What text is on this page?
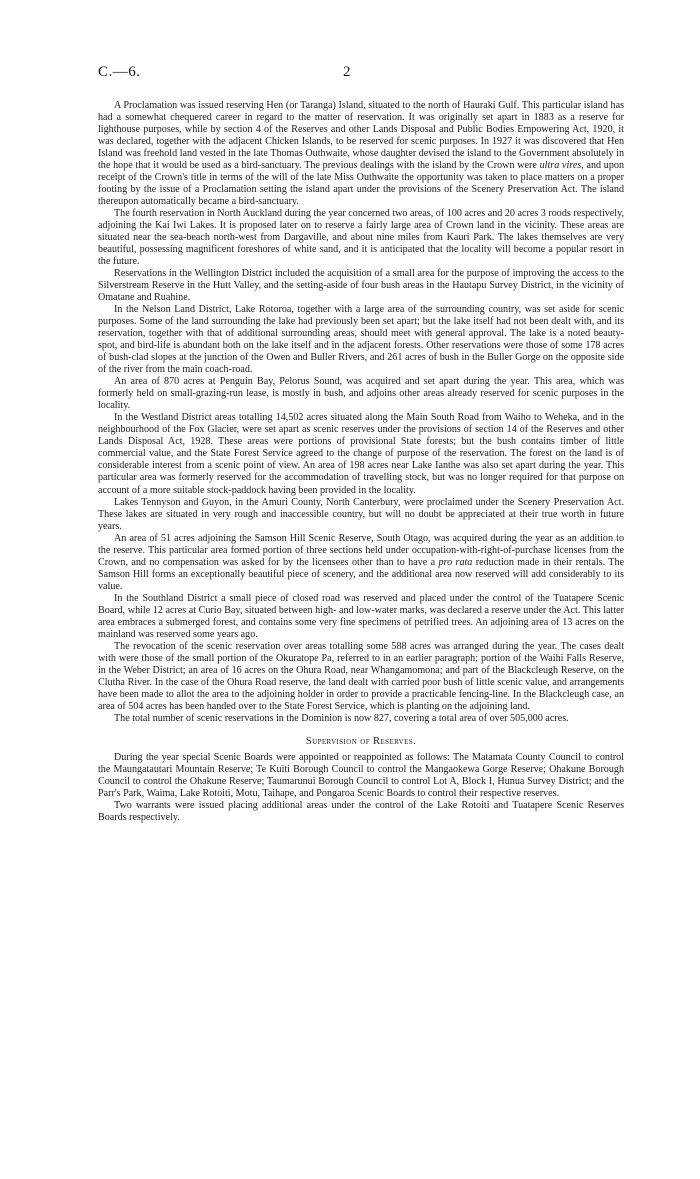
C.—6.	2

A Proclamation was issued reserving Hen (or Taranga) Island, situated to the north of Hauraki Gulf. This particular island has had a somewhat chequered career in regard to the matter of reservation. It was originally set apart in 1883 as a reserve for lighthouse purposes, while by section 4 of the Reserves and other Lands Disposal and Public Bodies Empowering Act, 1920, it was declared, together with the adjacent Chicken Islands, to be reserved for scenic purposes. In 1927 it was discovered that Hen Island was freehold land vested in the late Thomas Outhwaite, whose daughter devised the island to the Government absolutely in the hope that it would be used as a bird-sanctuary. The previous dealings with the island by the Crown were ultra vires, and upon receipt of the Crown's title in terms of the will of the late Miss Outhwaite the opportunity was taken to place matters on a proper footing by the issue of a Proclamation setting the island apart under the provisions of the Scenery Preservation Act. The island thereupon automatically became a bird-sanctuary.

The fourth reservation in North Auckland during the year concerned two areas, of 100 acres and 20 acres 3 roods respectively, adjoining the Kai Iwi Lakes. It is proposed later on to reserve a fairly large area of Crown land in the vicinity. These areas are situated near the sea-beach north-west from Dargaville, and about nine miles from Kauri Park. The lakes themselves are very beautiful, possessing magnificent foreshores of white sand, and it is anticipated that the locality will become a popular resort in the future.

Reservations in the Wellington District included the acquisition of a small area for the purpose of improving the access to the Silverstream Reserve in the Hutt Valley, and the setting-aside of four bush areas in the Hautapu Survey District, in the vicinity of Omatane and Ruahine.

In the Nelson Land District, Lake Rotoroa, together with a large area of the surrounding country, was set aside for scenic purposes. Some of the land surrounding the lake had previously been set apart; but the lake itself had not been dealt with, and its reservation, together with that of additional surrounding areas, should meet with general approval. The lake is a noted beauty-spot, and bird-life is abundant both on the lake itself and in the adjacent forests. Other reservations were those of some 178 acres of bush-clad slopes at the junction of the Owen and Buller Rivers, and 261 acres of bush in the Buller Gorge on the opposite side of the river from the main coach-road.

An area of 870 acres at Penguin Bay, Pelorus Sound, was acquired and set apart during the year. This area, which was formerly held on small-grazing-run lease, is mostly in bush, and adjoins other areas already reserved for scenic purposes in the locality.

In the Westland District areas totalling 14,502 acres situated along the Main South Road from Waiho to Weheka, and in the neighbourhood of the Fox Glacier, were set apart as scenic reserves under the provisions of section 14 of the Reserves and other Lands Disposal Act, 1928. These areas were portions of provisional State forests; but the bush contains timber of little commercial value, and the State Forest Service agreed to the change of purpose of the reservation. The forest on the land is of considerable interest from a scenic point of view. An area of 198 acres near Lake Ianthe was also set apart during the year. This particular area was formerly reserved for the accommodation of travelling stock, but was no longer required for that purpose on account of a more suitable stock-paddock having been provided in the locality.

Lakes Tennyson and Guyon, in the Amuri County, North Canterbury, were proclaimed under the Scenery Preservation Act. These lakes are situated in very rough and inaccessible country, but will no doubt be appreciated at their true worth in future years.

An area of 51 acres adjoining the Samson Hill Scenic Reserve, South Otago, was acquired during the year as an addition to the reserve. This particular area formed portion of three sections held under occupation-with-right-of-purchase licenses from the Crown, and no compensation was asked for by the licensees other than to have a pro rata reduction made in their rentals. The Samson Hill forms an exceptionally beautiful piece of scenery, and the additional area now reserved will add considerably to its value.

In the Southland District a small piece of closed road was reserved and placed under the control of the Tuatapere Scenic Board, while 12 acres at Curio Bay, situated between high- and low-water marks, was declared a reserve under the Act. This latter area embraces a submerged forest, and contains some very fine specimens of petrified trees. An adjoining area of 13 acres on the mainland was reserved some years ago.

The revocation of the scenic reservation over areas totalling some 588 acres was arranged during the year. The cases dealt with were those of the small portion of the Okuratope Pa, referred to in an earlier paragraph; portion of the Waihi Falls Reserve, in the Weber District; an area of 16 acres on the Ohura Road, near Whangamomona; and part of the Blackcleugh Reserve, on the Clutha River. In the case of the Ohura Road reserve, the land dealt with carried poor bush of little scenic value, and arrangements have been made to allot the area to the adjoining holder in order to provide a practicable fencing-line. In the Blackcleugh case, an area of 504 acres has been handed over to the State Forest Service, which is planting on the adjoining land.

The total number of scenic reservations in the Dominion is now 827, covering a total area of over 505,000 acres.

Supervision of Reserves.

During the year special Scenic Boards were appointed or reappointed as follows: The Matamata County Council to control the Maungatautari Mountain Reserve; Te Kuiti Borough Council to control the Mangaokewa Gorge Reserve; Ohakune Borough Council to control the Ohakune Reserve; Taumarunui Borough Council to control Lot A, Block I, Hunua Survey District; and the Parr's Park, Waima, Lake Rotoiti, Motu, Taihape, and Pongaroa Scenic Boards to control their respective reserves.

Two warrants were issued placing additional areas under the control of the Lake Rotoiti and Tuatapere Scenic Reserves Boards respectively.
